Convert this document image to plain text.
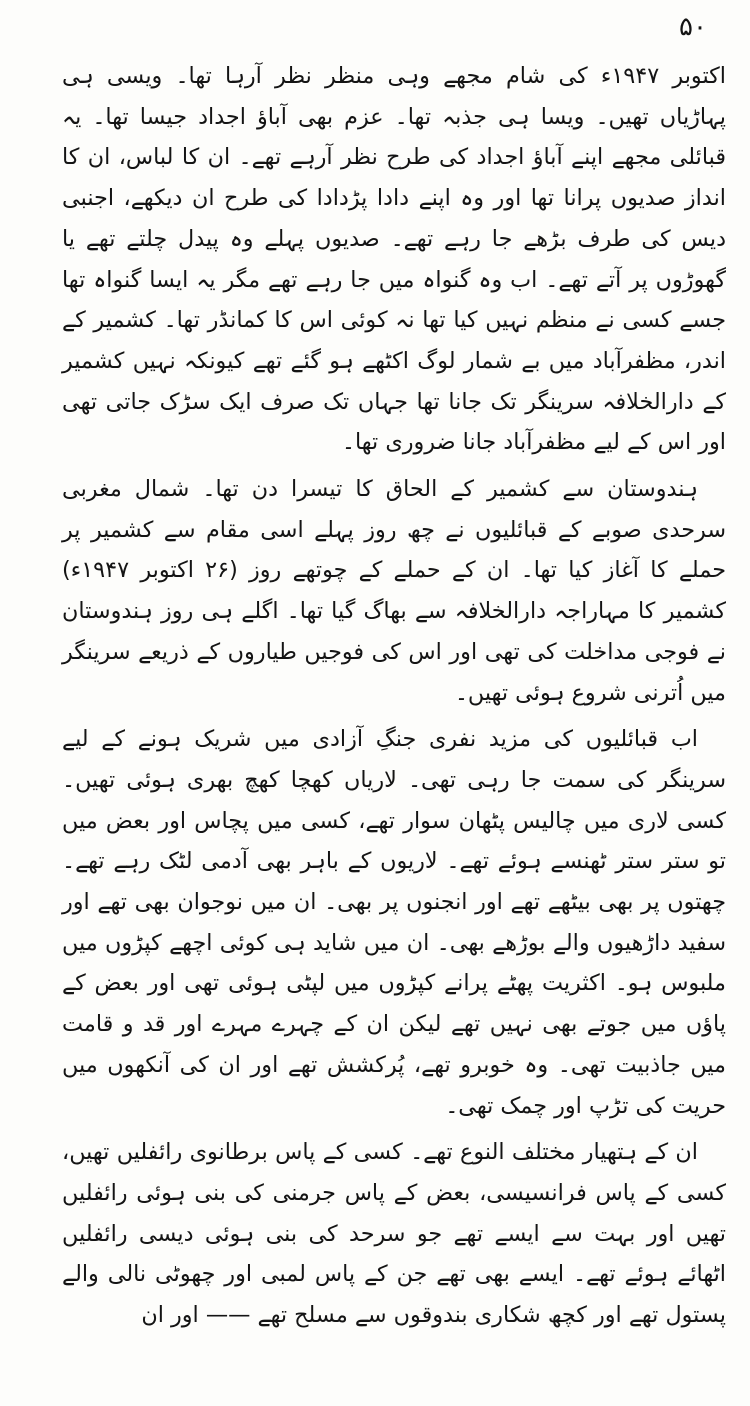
۵۰

اکتوبر ۱۹۴۷ء کی شام مجھے وہی منظر نظر آرہا تھا۔ ویسی ہی پہاڑیاں تھیں۔ ویسا ہی جذبہ تھا۔ عزم بھی آباؤ اجداد جیسا تھا۔ یہ قبائلی مجھے اپنے آباؤ اجداد کی طرح نظر آرہے تھے۔ ان کا لباس، ان کا انداز صدیوں پرانا تھا اور وہ اپنے دادا پڑدادا کی طرح ان دیکھے، اجنبی دیس کی طرف بڑھے جا رہے تھے۔ صدیوں پہلے وہ پیدل چلتے تھے یا گھوڑوں پر آتے تھے۔ اب وہ گنواہ میں جا رہے تھے مگر یہ ایسا گنواہ تھا جسے کسی نے منظم نہیں کیا تھا نہ کوئی اس کا کمانڈر تھا۔ کشمیر کے اندر، مظفرآباد میں بے شمار لوگ اکٹھے ہو گئے تھے کیونکہ نہیں کشمیر کے دارالخلافہ سرینگر تک جانا تھا جہاں تک صرف ایک سڑک جاتی تھی اور اس کے لیے مظفرآباد جانا ضروری تھا۔

ہندوستان سے کشمیر کے الحاق کا تیسرا دن تھا۔ شمال مغربی سرحدی صوبے کے قبائلیوں نے چھ روز پہلے اسی مقام سے کشمیر پر حملے کا آغاز کیا تھا۔ ان کے حملے کے چوتھے روز (۲۶ اکتوبر ۱۹۴۷ء) کشمیر کا مہاراجہ دارالخلافہ سے بھاگ گیا تھا۔ اگلے ہی روز ہندوستان نے فوجی مداخلت کی تھی اور اس کی فوجیں طیاروں کے ذریعے سرینگر میں اُترنی شروع ہوئی تھیں۔

اب قبائلیوں کی مزید نفری جنگِ آزادی میں شریک ہونے کے لیے سرینگر کی سمت جا رہی تھی۔ لاریاں کھچا کھچ بھری ہوئی تھیں۔ کسی لاری میں چالیس پٹھان سوار تھے، کسی میں پچاس اور بعض میں تو ستر ستر ٹھنسے ہوئے تھے۔ لاریوں کے باہر بھی آدمی لٹک رہے تھے۔ چھتوں پر بھی بیٹھے تھے اور انجنوں پر بھی۔ ان میں نوجوان بھی تھے اور سفید داڑھیوں والے بوڑھے بھی۔ ان میں شاید ہی کوئی اچھے کپڑوں میں ملبوس ہو۔ اکثریت پھٹے پرانے کپڑوں میں لپٹی ہوئی تھی اور بعض کے پاؤں میں جوتے بھی نہیں تھے لیکن ان کے چہرے مہرے اور قد و قامت میں جاذبیت تھی۔ وہ خوبرو تھے، پُرکشش تھے اور ان کی آنکھوں میں حریت کی تڑپ اور چمک تھی۔

ان کے ہتھیار مختلف النوع تھے۔ کسی کے پاس برطانوی رائفلیں تھیں، کسی کے پاس فرانسیسی، بعض کے پاس جرمنی کی بنی ہوئی رائفلیں تھیں اور بہت سے ایسے تھے جو سرحد کی بنی ہوئی دیسی رائفلیں اٹھائے ہوئے تھے۔ ایسے بھی تھے جن کے پاس لمبی اور چھوٹی نالی والے پستول تھے اور کچھ شکاری بندوقوں سے مسلح تھے —— اور ان
